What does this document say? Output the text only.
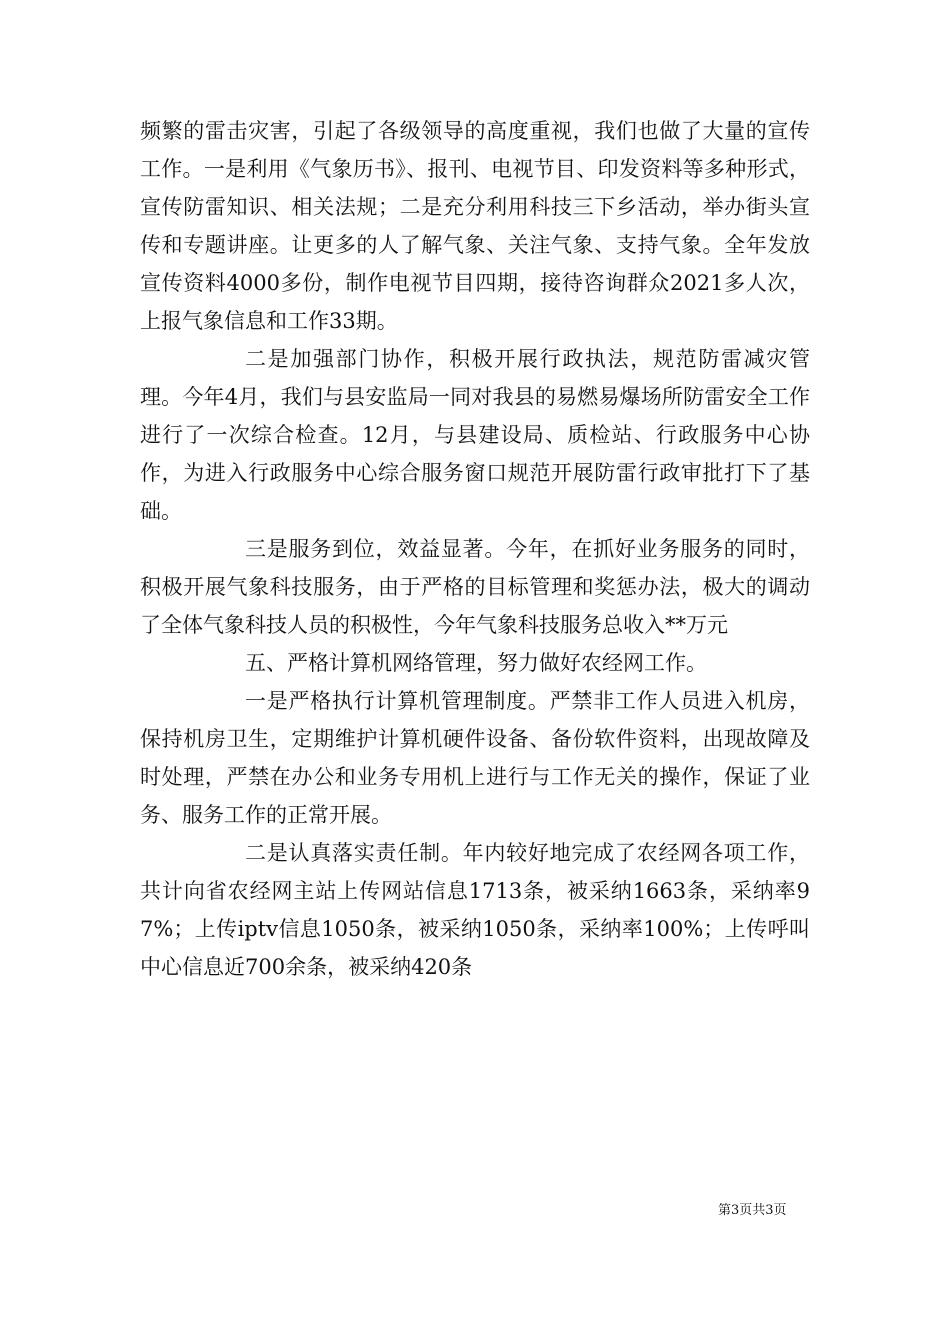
频繁的雷击灾害，引起了各级领导的高度重视，我们也做了大量的宣传工作。一是利用《气象历书》、报刊、电视节目、印发资料等多种形式，宣传防雷知识、相关法规；二是充分利用科技三下乡活动，举办街头宣传和专题讲座。让更多的人了解气象、关注气象、支持气象。全年发放宣传资料4000多份，制作电视节目四期，接待咨询群众2021多人次，上报气象信息和工作33期。

二是加强部门协作，积极开展行政执法，规范防雷减灾管理。今年4月，我们与县安监局一同对我县的易燃易爆场所防雷安全工作进行了一次综合检查。12月，与县建设局、质检站、行政服务中心协作，为进入行政服务中心综合服务窗口规范开展防雷行政审批打下了基础。

三是服务到位，效益显著。今年，在抓好业务服务的同时，积极开展气象科技服务，由于严格的目标管理和奖惩办法，极大的调动了全体气象科技人员的积极性，今年气象科技服务总收入**万元

五、严格计算机网络管理，努力做好农经网工作。

一是严格执行计算机管理制度。严禁非工作人员进入机房，保持机房卫生，定期维护计算机硬件设备、备份软件资料，出现故障及时处理，严禁在办公和业务专用机上进行与工作无关的操作，保证了业务、服务工作的正常开展。

二是认真落实责任制。年内较好地完成了农经网各项工作，共计向省农经网主站上传网站信息1713条，被采纳1663条，采纳率97%；上传iptv信息1050条，被采纳1050条，采纳率100%；上传呼叫中心信息近700余条，被采纳420条

第3页共3页
